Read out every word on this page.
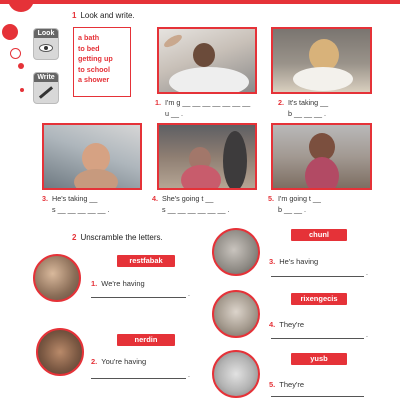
Look
Write
1 Look and write.
a bath
to bed
getting up
to school
a shower
1. I'm g __ __ __ __ __ __ __
u __ .
2. It's taking __
b __ __ __ .
3. He's taking __
s __ __ __ __ __ .
4. She's going t __
s __ __ __ __ __ __ .
5. I'm going t __
b __ __ .
2 Unscramble the letters.
restfabak
nerdin
chunl
rixengecis
yusb
1. We're having
2. You're having
3. He's having
4. They're
5. They're
.
.
.
.
